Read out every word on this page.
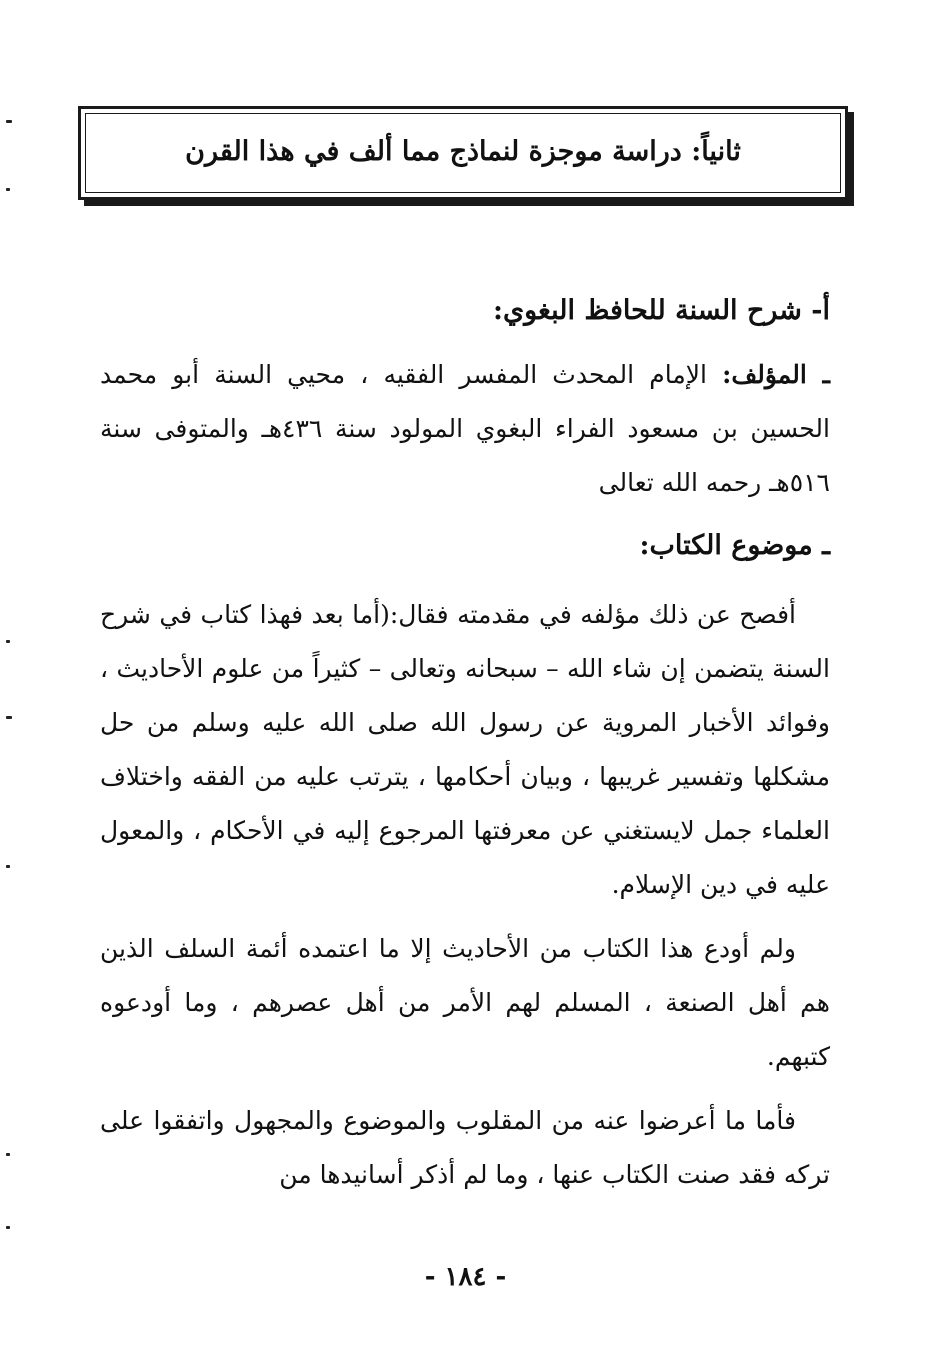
ثانياً: دراسة موجزة لنماذج مما ألف في هذا القرن
أ- شرح السنة للحافظ البغوي:

ـ المؤلف: الإمام المحدث المفسر الفقيه ، محيي السنة أبو محمد الحسين بن مسعود الفراء البغوي المولود سنة ٤٣٦هـ والمتوفى سنة ٥١٦هـ رحمه الله تعالى

ـ موضوع الكتاب:

أفصح عن ذلك مؤلفه في مقدمته فقال:(أما بعد فهذا كتاب في شرح السنة يتضمن إن شاء الله – سبحانه وتعالى – كثيراً من علوم الأحاديث ، وفوائد الأخبار المروية عن رسول الله صلى الله عليه وسلم من حل مشكلها وتفسير غريبها ، وبيان أحكامها ، يترتب عليه من الفقه واختلاف العلماء جمل لايستغني عن معرفتها المرجوع إليه في الأحكام ، والمعول عليه في دين الإسلام.

ولم أودع هذا الكتاب من الأحاديث إلا ما اعتمده أئمة السلف الذين هم أهل الصنعة ، المسلم لهم الأمر من أهل عصرهم ، وما أودعوه كتبهم.

فأما ما أعرضوا عنه من المقلوب والموضوع والمجهول واتفقوا على تركه فقد صنت الكتاب عنها ، وما لم أذكر أسانيدها من

- ١٨٤ -
